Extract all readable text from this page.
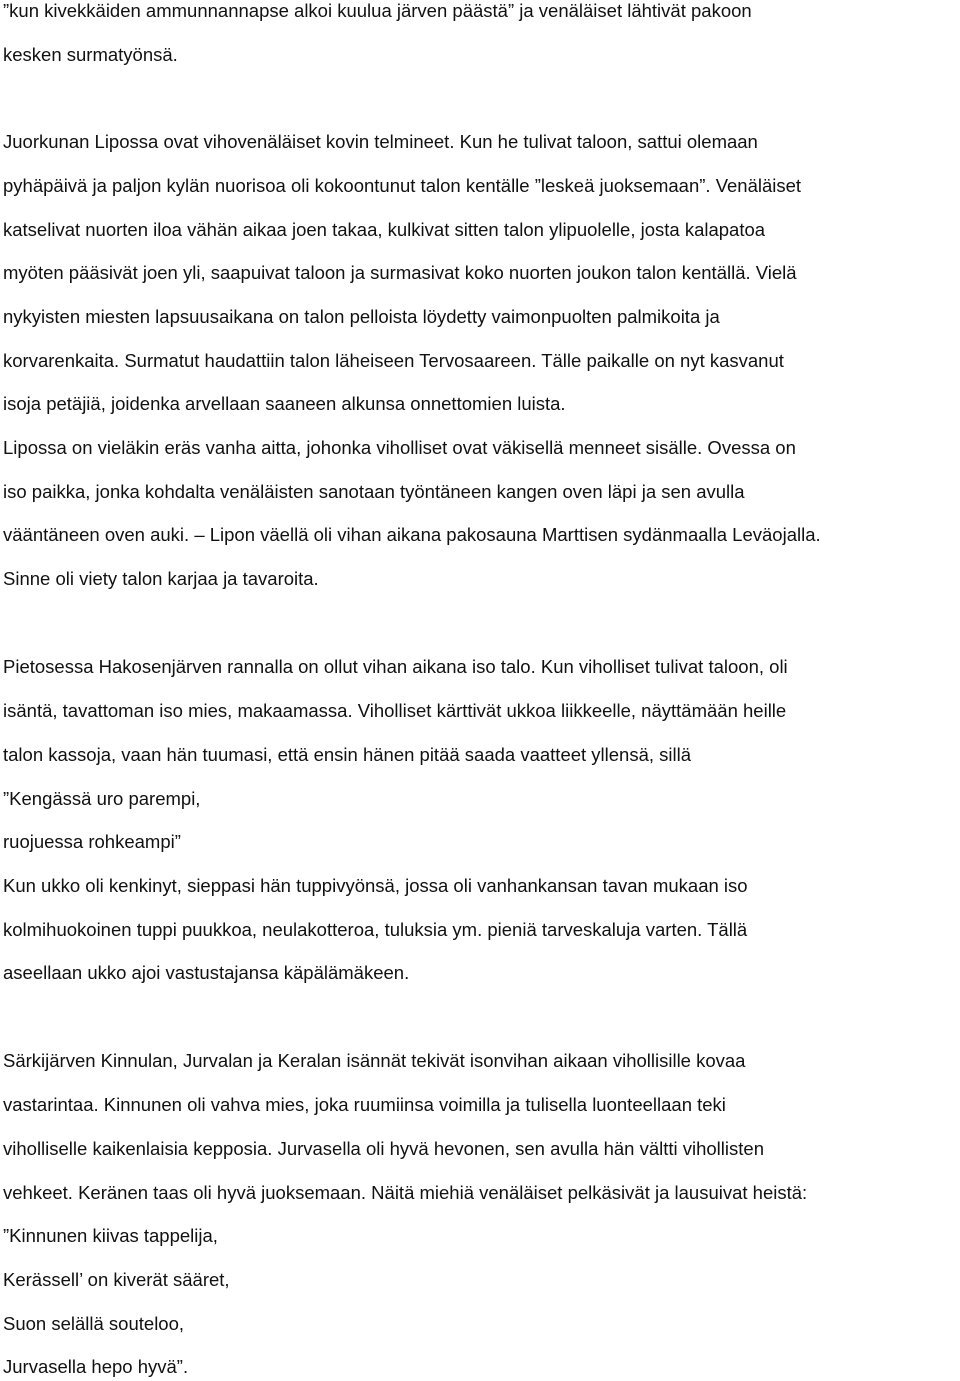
”kun kivekkäiden ammunnannapse alkoi kuulua järven päästä” ja venäläiset lähtivät pakoon
kesken surmatyönsä.
Juorkunan Lipossa ovat vihovenäläiset kovin telmineet. Kun he tulivat taloon, sattui olemaan
pyhäpäivä ja paljon kylän nuorisoa oli kokoontunut talon kentälle ”leskeä juoksemaan”. Venäläiset
katselivat nuorten iloa vähän aikaa joen takaa, kulkivat sitten talon ylipuolelle, josta kalapatoa
myöten pääsivät joen yli, saapuivat taloon ja surmasivat koko nuorten joukon talon kentällä. Vielä
nykyisten miesten lapsuusaikana on talon pelloista löydetty vaimonpuolten palmikoita ja
korvarenkaita. Surmatut haudattiin talon läheiseen Tervosaareen. Tälle paikalle on nyt kasvanut
isoja petäjiä, joidenka arvellaan saaneen alkunsa onnettomien luista.
Lipossa on vieläkin eräs vanha aitta, johonka viholliset ovat väkisellä menneet sisälle. Ovessa on
iso paikka, jonka kohdalta venäläisten sanotaan työntäneen kangen oven läpi ja sen avulla
vääntäneen oven auki. – Lipon väellä oli vihan aikana pakosauna Marttisen sydänmaalla Leväojalla.
Sinne oli viety talon karjaa ja tavaroita.
Pietosessa Hakosenjärven rannalla on ollut vihan aikana iso talo. Kun viholliset tulivat taloon, oli
isäntä, tavattoman iso mies, makaamassa. Viholliset kärttivät ukkoa liikkeelle, näyttämään heille
talon kassoja, vaan hän tuumasi, että ensin hänen pitää saada vaatteet yllensä, sillä
”Kengässä uro parempi,
ruojuessa rohkeampi”
Kun ukko oli kenkinyt, sieppasi hän tuppivyönsä, jossa oli vanhankansan tavan mukaan iso
kolmihuokoinen tuppi puukkoa, neulakotteroa, tuluksia ym. pieniä tarveskaluja varten. Tällä
aseellaan ukko ajoi vastustajansa käpälämäkeen.
Särkijärven Kinnulan, Jurvalan ja Keralan isännät tekivät isonvihan aikaan vihollisille kovaa
vastarintaa. Kinnunen oli vahva mies, joka ruumiinsa voimilla ja tulisella luonteellaan teki
viholliselle kaikenlaisia kepposia. Jurvasella oli hyvä hevonen, sen avulla hän vältti vihollisten
vehkeet. Keränen taas oli hyvä juoksemaan. Näitä miehiä venäläiset pelkäsivät ja lausuivat heistä:
”Kinnunen kiivas tappelija,
Kerässell’ on kiverät sääret,
Suon selällä souteloo,
Jurvasella hepo hyvä”.
